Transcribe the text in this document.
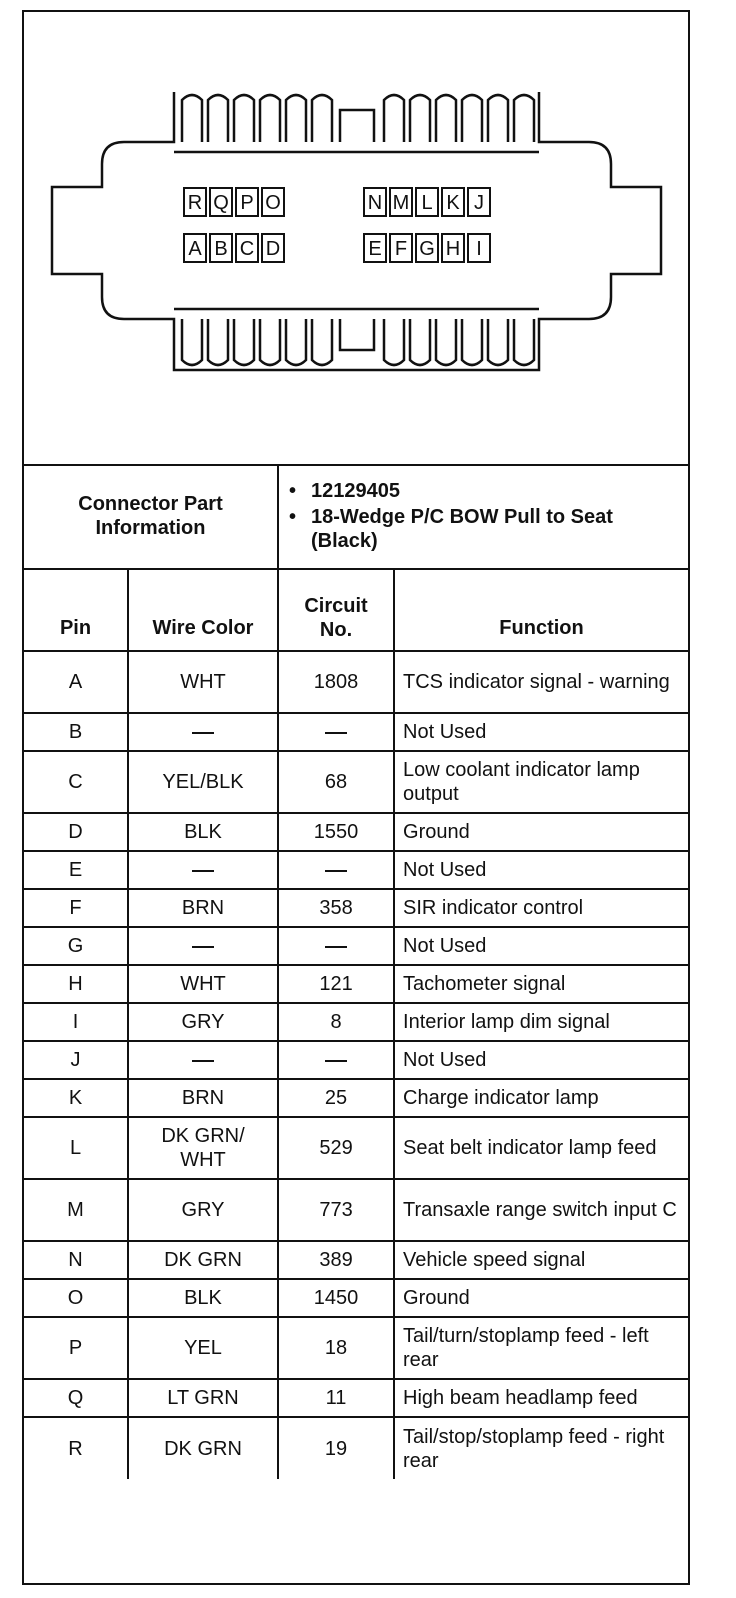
R Q P O	N M L K J
A B C D	E F G H I
Connector Part Information		• 12129405
• 18-Wedge P/C BOW Pull to Seat (Black)	

Pin	Wire Color	Circuit No.	Function
A	WHT	1808	TCS indicator signal - warning
B			Not Used
C	YEL/BLK	68	Low coolant indicator lamp output
D	BLK	1550	Ground
E			Not Used
F	BRN	358	SIR indicator control
G			Not Used
H	WHT	121	Tachometer signal
I	GRY	8	Interior lamp dim signal
J			Not Used
K	BRN	25	Charge indicator lamp
L	DK GRN/ WHT	529	Seat belt indicator lamp feed
M	GRY	773	Transaxle range switch input C
N	DK GRN	389	Vehicle speed signal
O	BLK	1450	Ground
P	YEL	18	Tail/turn/stoplamp feed - left rear
Q	LT GRN	11	High beam headlamp feed
R	DK GRN	19	Tail/stop/stoplamp feed - right rear
